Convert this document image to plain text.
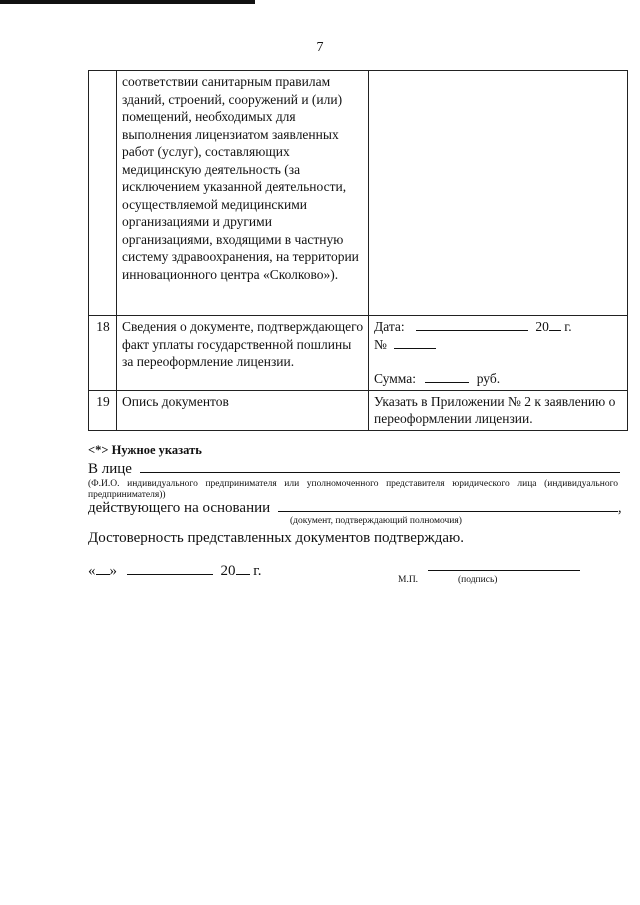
7
	соответствии санитарным правилам зданий, строений, сооружений и (или) помещений, необходимых для выполнения лицензиатом заявленных работ (услуг), составляющих медицинскую деятельность (за исключением указанной деятельности, осуществляемой медицинскими организациями и другими организациями, входящими в частную систему здравоохранения, на территории инновационного центра «Сколково»).	
18	Сведения о документе, подтверждающего факт уплаты государственной пошлины за переоформление лицензии.	Дата: 20 г.
№
Сумма: руб.

19	Опись документов	Указать в Приложении № 2 к заявлению о переоформлении лицензии.
<*> Нужное указать
В лице
(Ф.И.О. индивидуального предпринимателя или уполномоченного представителя юридического лица (индивидуального предпринимателя))
действующего на основании	,
(документ, подтверждающий полномочия)
Достоверность представленных документов подтверждаю.
« »	20 г.
М.П.	(подпись)
